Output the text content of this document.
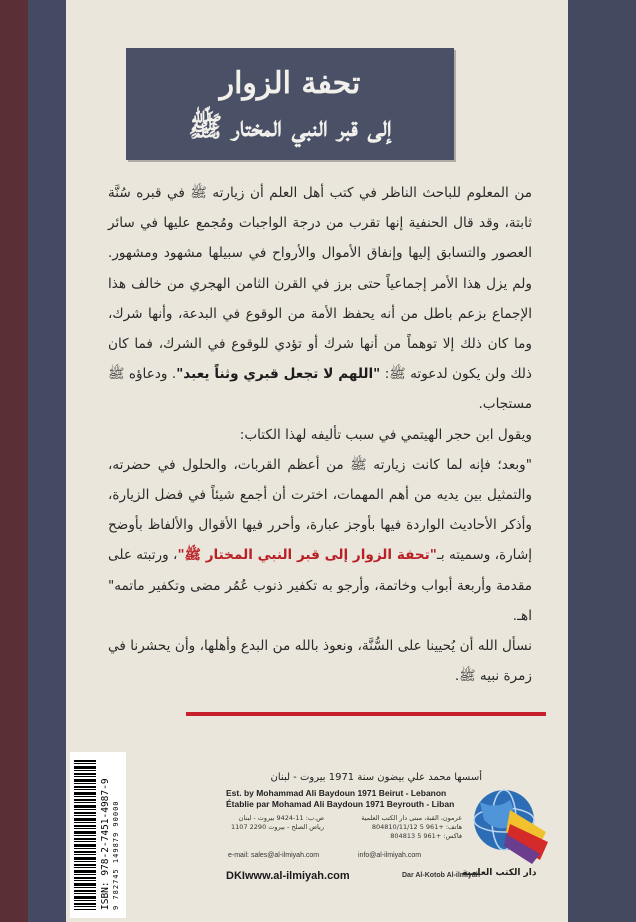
تحفة الزوار
إلى قبر النبي المختار ﷺ

من المعلوم للباحث الناظر في كتب أهل العلم أن زيارته ﷺ في قبره سُنَّة ثابتة، وقد قال الحنفية إنها تقرب من درجة الواجبات ومُجمع عليها في سائر العصور والتسابق إليها وإنفاق الأموال والأرواح في سبيلها مشهود ومشهور. ولم يزل هذا الأمر إجماعياً حتى برز في القرن الثامن الهجري من خالف هذا الإجماع بزعم باطل من أنه يحفظ الأمة من الوقوع في البدعة، وأنها شرك، وما كان ذلك إلا توهماً من أنها شرك أو تؤدي للوقوع في الشرك، فما كان ذلك ولن يكون لدعوته ﷺ: "اللهم لا تجعل قبري وثناً يعبد". ودعاؤه ﷺ مستجاب.

ويقول ابن حجر الهيتمي في سبب تأليفه لهذا الكتاب:

"وبعد؛ فإنه لما كانت زيارته ﷺ من أعظم القربات، والحلول في حضرته، والتمثيل بين يديه من أهم المهمات، اخترت أن أجمع شيئاً في فضل الزيارة، وأذكر الأحاديث الواردة فيها بأوجز عبارة، وأحرر فيها الأقوال والألفاظ بأوضح إشارة، وسميته بـ"تحفة الزوار إلى قبر النبي المختار ﷺ"، ورتبته على مقدمة وأربعة أبواب وخاتمة، وأرجو به تكفير ذنوب عُمُر مضى وتكفير ماتمه" اهـ.

نسأل الله أن يُحيينا على السُّنَّة، ونعوذ بالله من البدع وأهلها، وأن يحشرنا في زمرة نبيه ﷺ.

ISBN: 978-2-7451-4987-9 9 782745 149879 90000
أسسها محمد علي بيضون سنة 1971 بيروت - لبنان
Est. by Mohammad Ali Baydoun 1971 Beirut - Lebanon
Établie par Mohamad Ali Baydoun 1971 Beyrouth - Liban
ص.ب: 11-9424 بيروت - لبنان
رياض الصلح - بيروت 2290 1107
عرمون، القبة، مبنى دار الكتب العلمية
هاتف: +961 5 804810/11/12
فاكس: +961 5 804813
e-mail: sales@al-ilmiyah.com	info@al-ilmiyah.com
DKIwww.al-ilmiyah.com	Dar Al-Kotob Al-ilmiyah
دار الكتب العلمية
